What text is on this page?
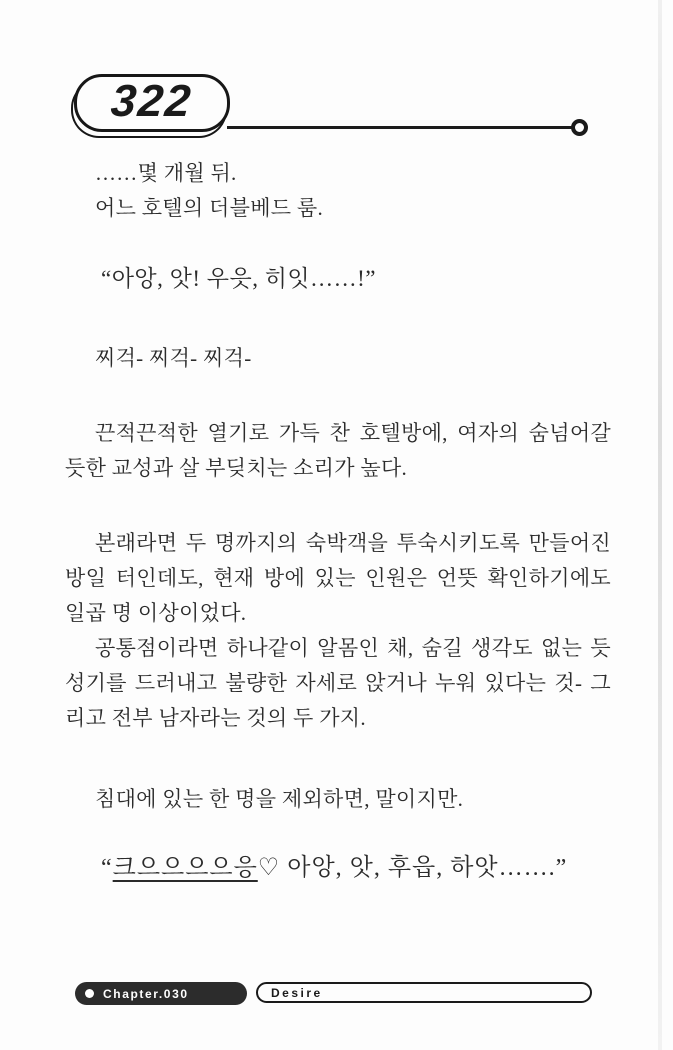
322
……몇 개월 뒤.
어느 호텔의 더블베드 룸.
“아앙, 앗! 우읏, 히잇……!”
찌걱- 찌걱- 찌걱-
끈적끈적한 열기로 가득 찬 호텔방에, 여자의 숨넘어갈
듯한 교성과 살 부딪치는 소리가 높다.
본래라면 두 명까지의 숙박객을 투숙시키도록 만들어진
방일 터인데도, 현재 방에 있는 인원은 언뜻 확인하기에도
일곱 명 이상이었다.
공통점이라면 하나같이 알몸인 채, 숨길 생각도 없는 듯
성기를 드러내고 불량한 자세로 앉거나 누워 있다는 것- 그
리고 전부 남자라는 것의 두 가지.
침대에 있는 한 명을 제외하면, 말이지만.
“크으으으으응♡ 아앙, 앗, 후읍, 하앗…….”
Chapter.030	Desire
